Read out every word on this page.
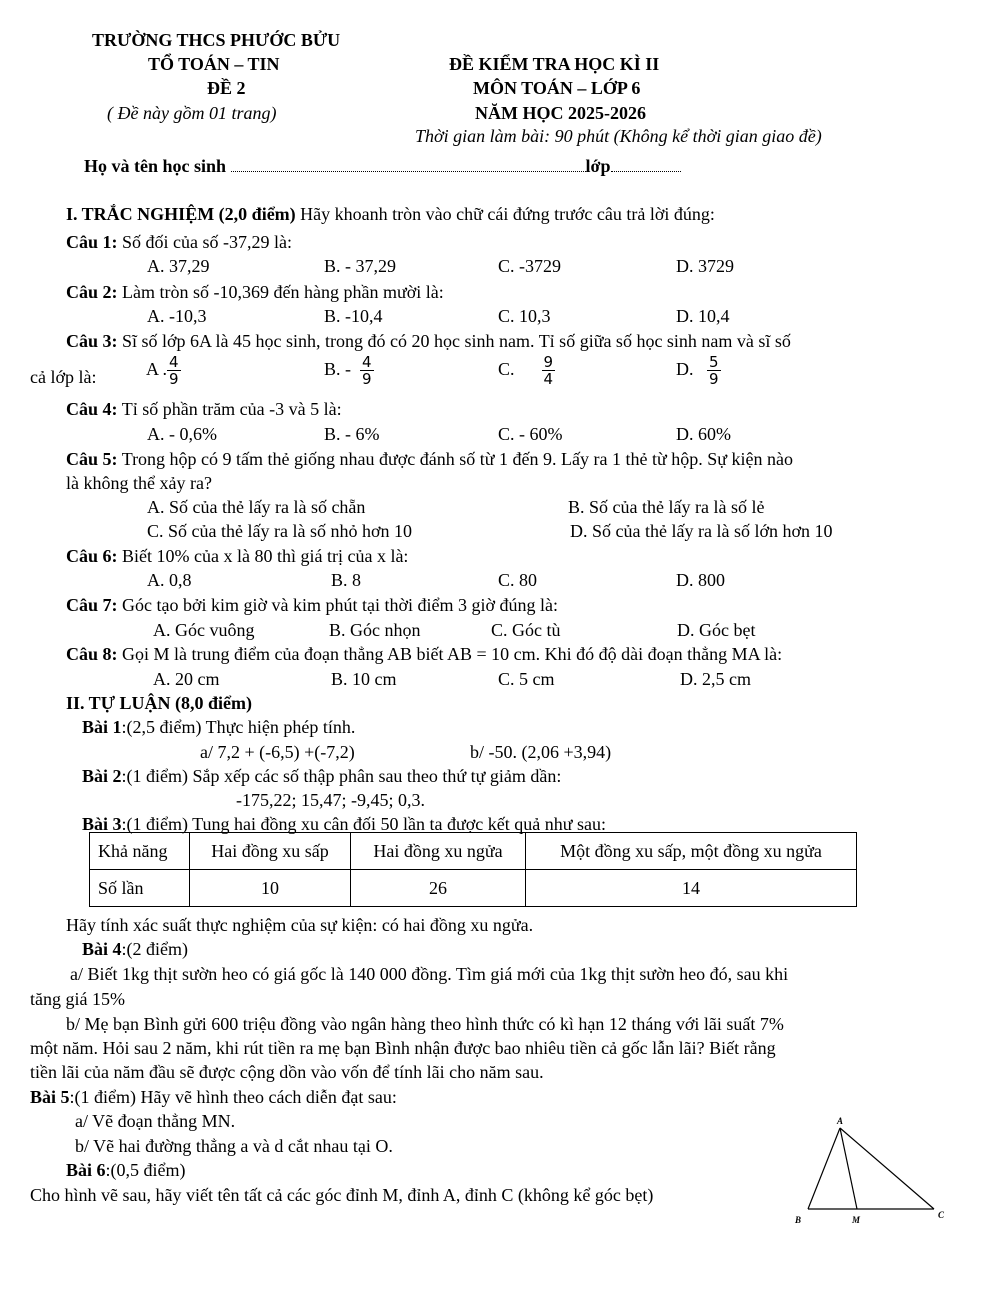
TRƯỜNG THCS PHƯỚC BỬU
TỔ TOÁN – TIN
ĐỀ 2
( Đề này gồm 01 trang)
ĐỀ KIỂM TRA HỌC KÌ II
MÔN TOÁN – LỚP 6
NĂM HỌC 2025-2026
Thời gian làm bài: 90 phút (Không kể thời gian giao đề)
Họ và tên học sinh	lớp
I. TRẮC NGHIỆM (2,0 điểm) Hãy khoanh tròn vào chữ cái đứng trước câu trả lời đúng:
Câu 1: Số đối của số -37,29 là:
A. 37,29	B. - 37,29	C. -3729	D. 3729
Câu 2: Làm tròn số -10,369 đến hàng phần mười là:
A. -10,3	B. -10,4	C. 10,3	D. 10,4
Câu 3: Sĩ số lớp 6A là 45 học sinh, trong đó có 20 học sinh nam. Tỉ số giữa số học sinh nam và sĩ số
cả lớp là:	A . $\frac{4}{9}$	B. - $\frac{4}{9}$	C. $\frac{9}{4}$	D. $\frac{5}{9}$
Câu 4: Tỉ số phần trăm của -3 và 5 là:
A. - 0,6%	B. - 6%	C. - 60%	D. 60%
Câu 5: Trong hộp có 9 tấm thẻ giống nhau được đánh số từ 1 đến 9. Lấy ra 1 thẻ từ hộp. Sự kiện nào
là không thể xảy ra?
A. Số của thẻ lấy ra là số chẵn	B. Số của thẻ lấy ra là số lẻ
C. Số của thẻ lấy ra là số nhỏ hơn 10	D. Số của thẻ lấy ra là số lớn hơn 10
Câu 6: Biết 10% của x là 80 thì giá trị của x là:
A. 0,8	B. 8	C. 80	D. 800
Câu 7: Góc tạo bởi kim giờ và kim phút tại thời điểm 3 giờ đúng là:
A. Góc vuông	B. Góc nhọn	C. Góc tù	D. Góc bẹt
Câu 8: Gọi M là trung điểm của đoạn thẳng AB biết AB = 10 cm. Khi đó độ dài đoạn thẳng MA là:
A. 20 cm	B. 10 cm	C. 5 cm	D. 2,5 cm
II. TỰ LUẬN (8,0 điểm)
Bài 1:(2,5 điểm) Thực hiện phép tính.
a/ 7,2 + (-6,5) +(-7,2)	b/ -50. (2,06 +3,94)
Bài 2:(1 điểm) Sắp xếp các số thập phân sau theo thứ tự giảm dần:
-175,22; 15,47; -9,45; 0,3.
Bài 3:(1 điểm) Tung hai đồng xu cân đối 50 lần ta được kết quả như sau:
Khả năng	Hai đồng xu sấp	Hai đồng xu ngửa	Một đồng xu sấp, một đồng xu ngửa
Số lần	10	26	14
Hãy tính xác suất thực nghiệm của sự kiện: có hai đồng xu ngửa.
Bài 4:(2 điểm)
a/ Biết 1kg thịt sườn heo có giá gốc là 140 000 đồng. Tìm giá mới của 1kg thịt sườn heo đó, sau khi
tăng giá 15%
b/ Mẹ bạn Bình gửi 600 triệu đồng vào ngân hàng theo hình thức có kì hạn 12 tháng với lãi suất 7%
một năm. Hỏi sau 2 năm, khi rút tiền ra mẹ bạn Bình nhận được bao nhiêu tiền cả gốc lẫn lãi? Biết rằng
tiền lãi của năm đầu sẽ được cộng dồn vào vốn để tính lãi cho năm sau.
Bài 5:(1 điểm) Hãy vẽ hình theo cách diễn đạt sau:
a/ Vẽ đoạn thẳng MN.
b/ Vẽ hai đường thẳng a và d cắt nhau tại O.
Bài 6:(0,5 điểm)
Cho hình vẽ sau, hãy viết tên tất cả các góc đỉnh M, đỉnh A, đỉnh C (không kể góc bẹt)
A
B	M	C
